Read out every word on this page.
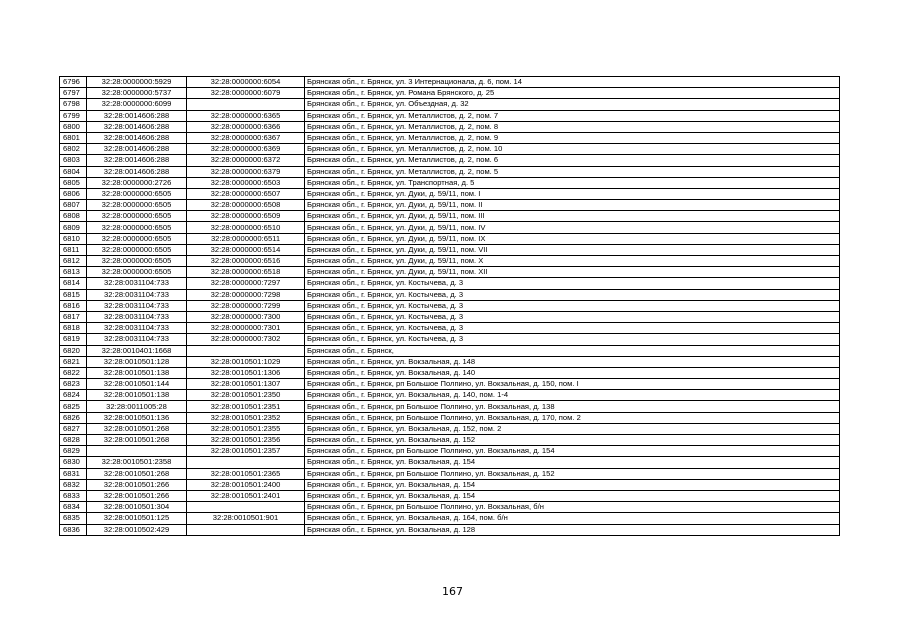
6796	32:28:0000000:5929	32:28:0000000:6054	Брянская обл., г. Брянск, ул. 3 Интернационала, д. 6, пом. 14
6797	32:28:0000000:5737	32:28:0000000:6079	Брянская обл., г. Брянск, ул. Романа Брянского, д. 25
6798	32:28:0000000:6099		Брянская обл., г. Брянск, ул. Объездная, д. 32
6799	32:28:0014606:288	32:28:0000000:6365	Брянская обл., г. Брянск, ул. Металлистов, д. 2, пом. 7
6800	32:28:0014606:288	32:28:0000000:6366	Брянская обл., г. Брянск, ул. Металлистов, д. 2, пом. 8
6801	32:28:0014606:288	32:28:0000000:6367	Брянская обл., г. Брянск, ул. Металлистов, д. 2, пом. 9
6802	32:28:0014606:288	32:28:0000000:6369	Брянская обл., г. Брянск, ул. Металлистов, д. 2, пом. 10
6803	32:28:0014606:288	32:28:0000000:6372	Брянская обл., г. Брянск, ул. Металлистов, д. 2, пом. 6
6804	32:28:0014606:288	32:28:0000000:6379	Брянская обл., г. Брянск, ул. Металлистов, д. 2, пом. 5
6805	32:28:0000000:2726	32:28:0000000:6503	Брянская обл., г. Брянск, ул. Транспортная, д. 5
6806	32:28:0000000:6505	32:28:0000000:6507	Брянская обл., г. Брянск, ул. Дуки, д. 59/11, пом. I
6807	32:28:0000000:6505	32:28:0000000:6508	Брянская обл., г. Брянск, ул. Дуки, д. 59/11, пом. II
6808	32:28:0000000:6505	32:28:0000000:6509	Брянская обл., г. Брянск, ул. Дуки, д. 59/11, пом. III
6809	32:28:0000000:6505	32:28:0000000:6510	Брянская обл., г. Брянск, ул. Дуки, д. 59/11, пом. IV
6810	32:28:0000000:6505	32:28:0000000:6511	Брянская обл., г. Брянск, ул. Дуки, д. 59/11, пом. IX
6811	32:28:0000000:6505	32:28:0000000:6514	Брянская обл., г. Брянск, ул. Дуки, д. 59/11, пом. VII
6812	32:28:0000000:6505	32:28:0000000:6516	Брянская обл., г. Брянск, ул. Дуки, д. 59/11, пом. X
6813	32:28:0000000:6505	32:28:0000000:6518	Брянская обл., г. Брянск, ул. Дуки, д. 59/11, пом. XII
6814	32:28:0031104:733	32:28:0000000:7297	Брянская обл., г. Брянск, ул. Костычева, д. 3
6815	32:28:0031104:733	32:28:0000000:7298	Брянская обл., г. Брянск, ул. Костычева, д. 3
6816	32:28:0031104:733	32:28:0000000:7299	Брянская обл., г. Брянск, ул. Костычева, д. 3
6817	32:28:0031104:733	32:28:0000000:7300	Брянская обл., г. Брянск, ул. Костычева, д. 3
6818	32:28:0031104:733	32:28:0000000:7301	Брянская обл., г. Брянск, ул. Костычева, д. 3
6819	32:28:0031104:733	32:28:0000000:7302	Брянская обл., г. Брянск, ул. Костычева, д. 3
6820	32:28:0010401:1668		Брянская обл., г. Брянск,
6821	32:28:0010501:128	32:28:0010501:1029	Брянская обл., г. Брянск, ул. Вокзальная, д. 148
6822	32:28:0010501:138	32:28:0010501:1306	Брянская обл., г. Брянск, ул. Вокзальная, д. 140
6823	32:28:0010501:144	32:28:0010501:1307	Брянская обл., г. Брянск, рп Большое Полпино, ул. Вокзальная, д. 150, пом. I
6824	32:28:0010501:138	32:28:0010501:2350	Брянская обл., г. Брянск, ул. Вокзальная, д. 140, пом. 1-4
6825	32:28:0011005:28	32:28:0010501:2351	Брянская обл., г. Брянск, рп Большое Полпино, ул. Вокзальная, д. 138
6826	32:28:0010501:136	32:28:0010501:2352	Брянская обл., г. Брянск, рп Большое Полпино, ул. Вокзальная, д. 170, пом. 2
6827	32:28:0010501:268	32:28:0010501:2355	Брянская обл., г. Брянск, ул. Вокзальная, д. 152, пом. 2
6828	32:28:0010501:268	32:28:0010501:2356	Брянская обл., г. Брянск, ул. Вокзальная, д. 152
6829		32:28:0010501:2357	Брянская обл., г. Брянск, рп Большое Полпино, ул. Вокзальная, д. 154
6830	32:28:0010501:2358		Брянская обл., г. Брянск, ул. Вокзальная, д. 154
6831	32:28:0010501:268	32:28:0010501:2365	Брянская обл., г. Брянск, рп Большое Полпино, ул. Вокзальная, д. 152
6832	32:28:0010501:266	32:28:0010501:2400	Брянская обл., г. Брянск, ул. Вокзальная, д. 154
6833	32:28:0010501:266	32:28:0010501:2401	Брянская обл., г. Брянск, ул. Вокзальная, д. 154
6834	32:28:0010501:304		Брянская обл., г. Брянск, рп Большое Полпино, ул. Вокзальная, б/н
6835	32:28:0010501:125	32:28:0010501:901	Брянская обл., г. Брянск, ул. Вокзальная, д. 164, пом. б/н
6836	32:28:0010502:429		Брянская обл., г. Брянск, ул. Вокзальная, д. 128
167
